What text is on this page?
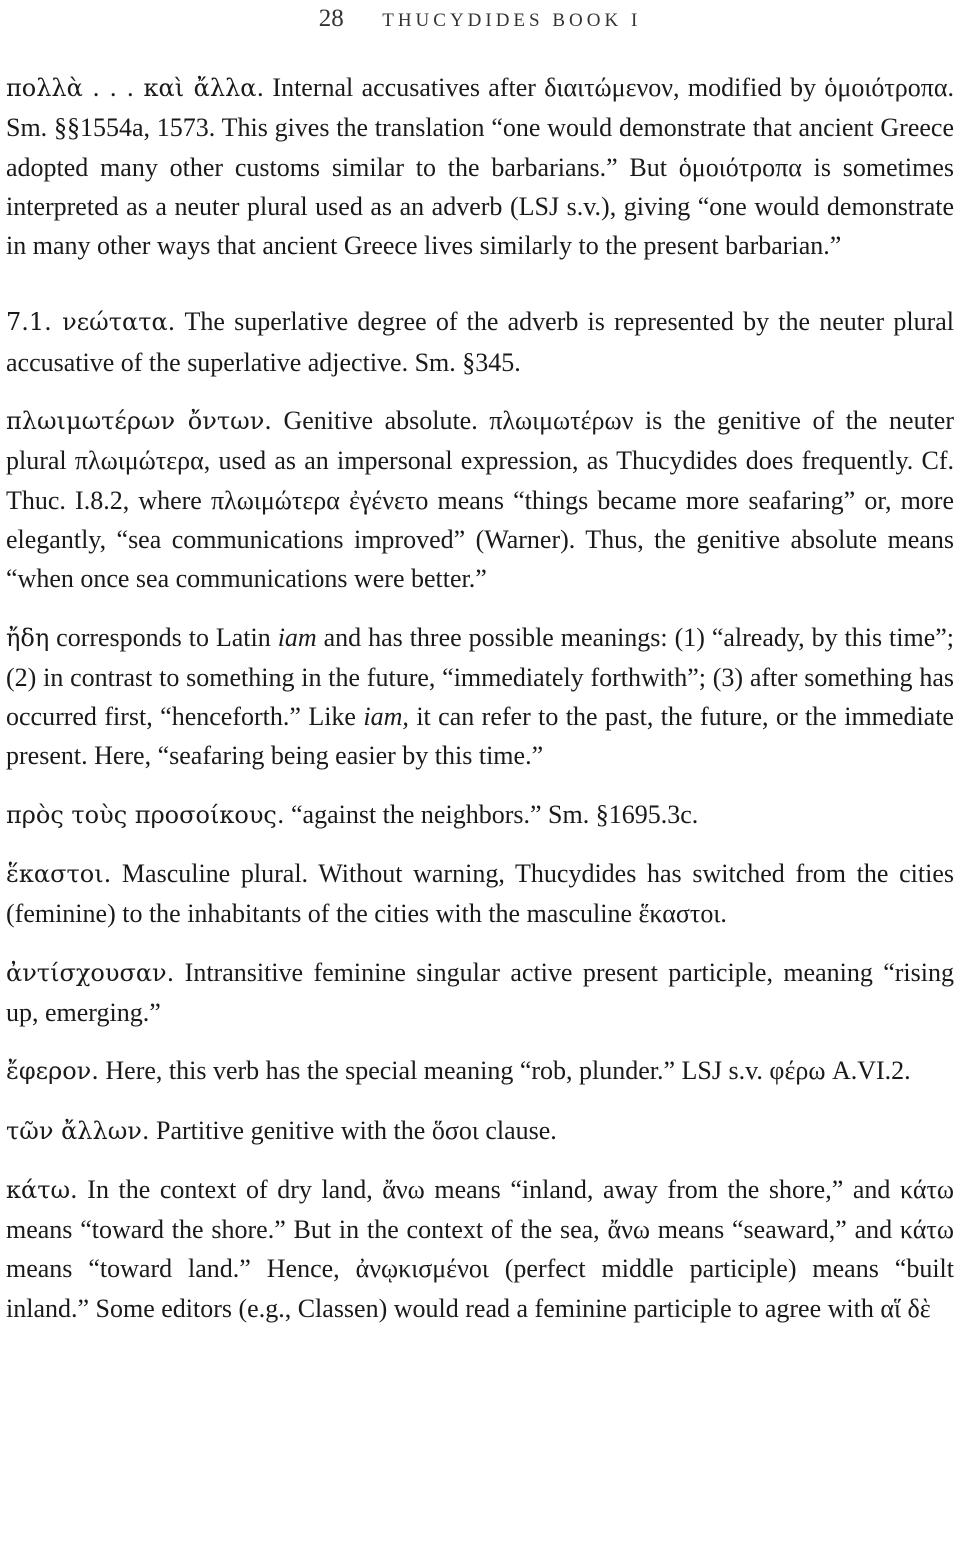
28 THUCYDIDES BOOK I

πολλὰ . . . καὶ ἄλλα. Internal accusatives after διαιτώμενον, modified by ὁμοιότροπα. Sm. §§1554a, 1573. This gives the translation “one would demonstrate that ancient Greece adopted many other customs similar to the barbarians.” But ὁμοιότροπα is sometimes interpreted as a neuter plural used as an adverb (LSJ s.v.), giving “one would demonstrate in many other ways that ancient Greece lives similarly to the present barbarian.”

7.1. νεώτατα. The superlative degree of the adverb is represented by the neuter plural accusative of the superlative adjective. Sm. §345.

πλωιμωτέρων ὄντων. Genitive absolute. πλωιμωτέρων is the genitive of the neuter plural πλωιμώτερα, used as an impersonal expression, as Thucydides does frequently. Cf. Thuc. I.8.2, where πλωιμώτερα ἐγένετο means “things became more seafaring” or, more elegantly, “sea communications improved” (Warner). Thus, the genitive absolute means “when once sea communications were better.”

ἤδη corresponds to Latin iam and has three possible meanings: (1) “already, by this time”; (2) in contrast to something in the future, “immediately forthwith”; (3) after something has occurred first, “henceforth.” Like iam, it can refer to the past, the future, or the immediate present. Here, “seafaring being easier by this time.”

πρὸς τοὺς προσοίκους. “against the neighbors.” Sm. §1695.3c.

ἕκαστοι. Masculine plural. Without warning, Thucydides has switched from the cities (feminine) to the inhabitants of the cities with the masculine ἕκαστοι.

ἀντίσχουσαν. Intransitive feminine singular active present participle, meaning “rising up, emerging.”

ἔφερον. Here, this verb has the special meaning “rob, plunder.” LSJ s.v. φέρω A.VI.2.

τῶν ἄλλων. Partitive genitive with the ὅσοι clause.

κάτω. In the context of dry land, ἄνω means “inland, away from the shore,” and κάτω means “toward the shore.” But in the context of the sea, ἄνω means “seaward,” and κάτω means “toward land.” Hence, ἀνῳκισμένοι (perfect middle participle) means “built inland.” Some editors (e.g., Classen) would read a feminine participle to agree with αἵ δὲ
